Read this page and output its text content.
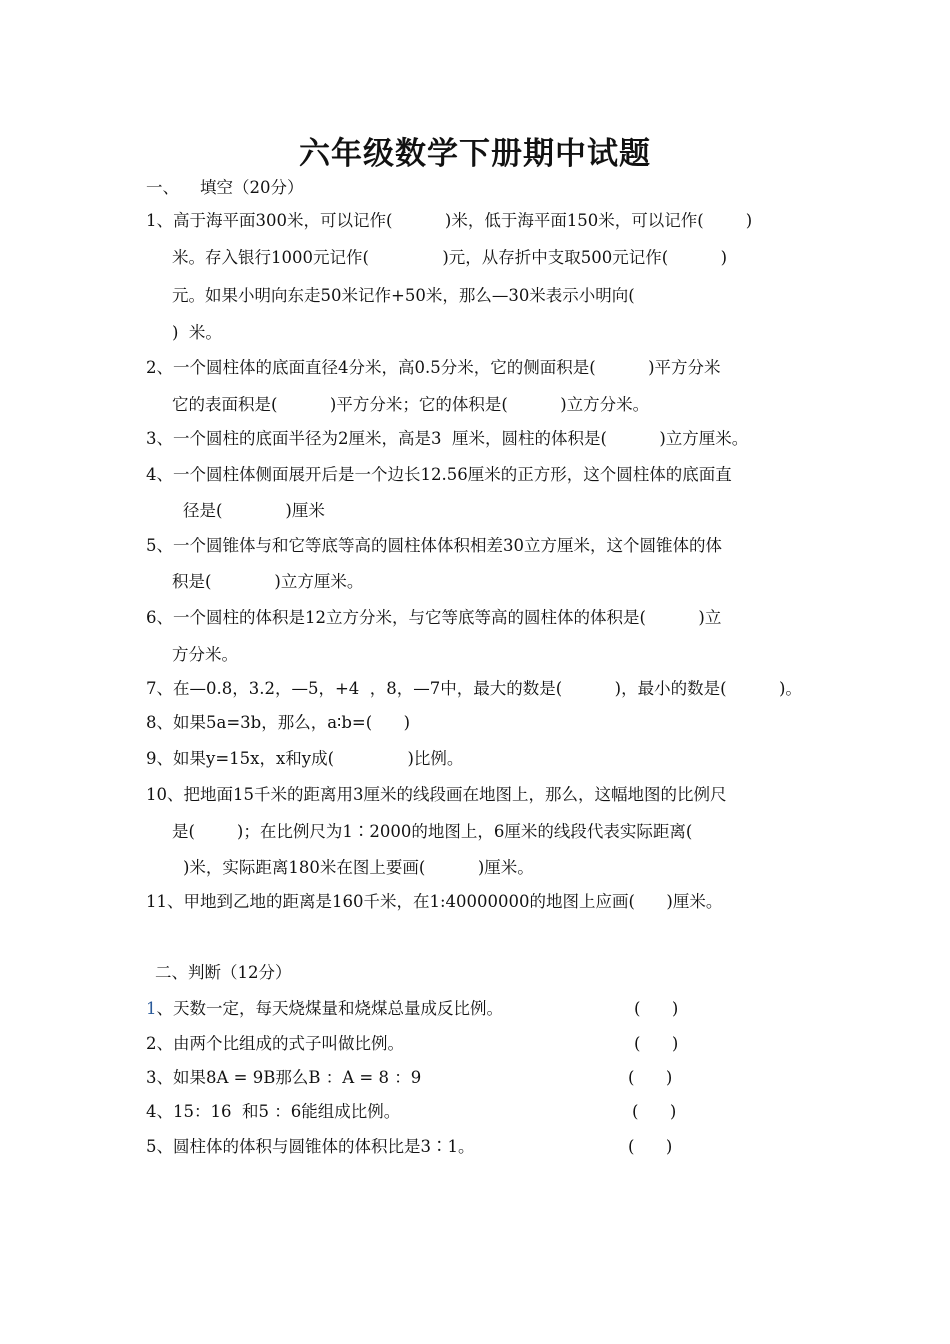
六年级数学下册期中试题
一、    填空（20分）
1、高于海平面300米，可以记作(          )米，低于海平面150米，可以记作(        )
米。存入银行1000元记作(              )元，从存折中支取500元记作(          )
元。如果小明向东走50米记作+50米，那么—30米表示小明向(
)  米。
2、一个圆柱体的底面直径4分米，高0.5分米，它的侧面积是(          )平方分米
它的表面积是(          )平方分米；它的体积是(          )立方分米。
3、一个圆柱的底面半径为2厘米，高是3  厘米，圆柱的体积是(          )立方厘米。
4、一个圆柱体侧面展开后是一个边长12.56厘米的正方形，这个圆柱体的底面直
径是(            )厘米
5、一个圆锥体与和它等底等高的圆柱体体积相差30立方厘米，这个圆锥体的体
积是(            )立方厘米。
6、一个圆柱的体积是12立方分米，与它等底等高的圆柱体的体积是(          )立
方分米。
7、在—0.8，3.2，—5，+4  ，8，—7中，最大的数是(          )，最小的数是(          )。
8、如果5a=3b，那么，a∶b=(      )
9、如果y=15x，x和y成(              )比例。
10、把地面15千米的距离用3厘米的线段画在地图上，那么，这幅地图的比例尺
是(        )；在比例尺为1∶2000的地图上，6厘米的线段代表实际距离(
)米，实际距离180米在图上要画(          )厘米。
11、甲地到乙地的距离是160千米，在1:40000000的地图上应画(      )厘米。
二、判断（12分）
1、天数一定，每天烧煤量和烧煤总量成反比例。	(      )
2、由两个比组成的式子叫做比例。	(      )
3、如果8A = 9B那么B ：A = 8 ：9	(      )
4、15：16  和5 ：6能组成比例。	(      )
5、圆柱体的体积与圆锥体的体积比是3∶1。	(      )
